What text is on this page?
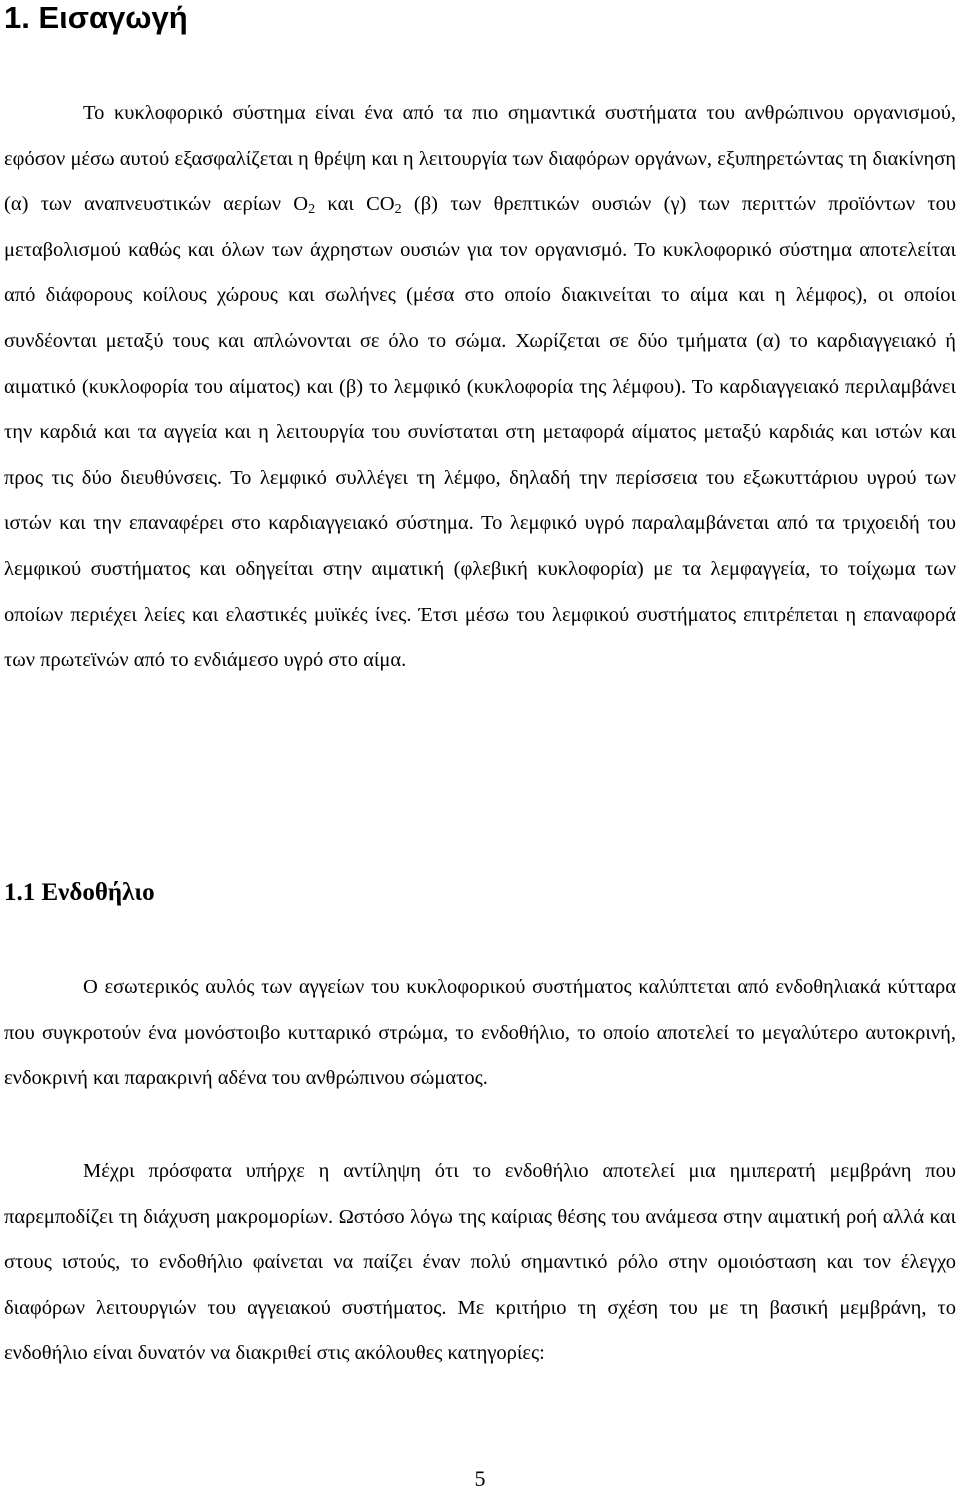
1. Εισαγωγή

Το κυκλοφορικό σύστημα είναι ένα από τα πιο σημαντικά συστήματα του ανθρώπινου οργανισμού, εφόσον μέσω αυτού εξασφαλίζεται η θρέψη και η λειτουργία των διαφόρων οργάνων, εξυπηρετώντας τη διακίνηση (α) των αναπνευστικών αερίων $O_2$ και $CO_2$ (β) των θρεπτικών ουσιών (γ) των περιττών προϊόντων του μεταβολισμού καθώς και όλων των άχρηστων ουσιών για τον οργανισμό. Το κυκλοφορικό σύστημα αποτελείται από διάφορους κοίλους χώρους και σωλήνες (μέσα στο οποίο διακινείται το αίμα και η λέμφος), οι οποίοι συνδέονται μεταξύ τους και απλώνονται σε όλο το σώμα. Χωρίζεται σε δύο τμήματα (α) το καρδιαγγειακό ή αιματικό (κυκλοφορία του αίματος) και (β) το λεμφικό (κυκλοφορία της λέμφου). Το καρδιαγγειακό περιλαμβάνει την καρδιά και τα αγγεία και η λειτουργία του συνίσταται στη μεταφορά αίματος μεταξύ καρδιάς και ιστών και προς τις δύο διευθύνσεις. Το λεμφικό συλλέγει τη λέμφο, δηλαδή την περίσσεια του εξωκυττάριου υγρού των ιστών και την επαναφέρει στο καρδιαγγειακό σύστημα. Το λεμφικό υγρό παραλαμβάνεται από τα τριχοειδή του λεμφικού συστήματος και οδηγείται στην αιματική (φλεβική κυκλοφορία) με τα λεμφαγγεία, το τοίχωμα των οποίων περιέχει λείες και ελαστικές μυϊκές ίνες. Έτσι μέσω του λεμφικού συστήματος επιτρέπεται η επαναφορά των πρωτεϊνών από το ενδιάμεσο υγρό στο αίμα.

1.1 Ενδοθήλιο

Ο εσωτερικός αυλός των αγγείων του κυκλοφορικού συστήματος καλύπτεται από ενδοθηλιακά κύτταρα που συγκροτούν ένα μονόστοιβο κυτταρικό στρώμα, το ενδοθήλιο, το οποίο αποτελεί το μεγαλύτερο αυτοκρινή, ενδοκρινή και παρακρινή αδένα του ανθρώπινου σώματος.

Μέχρι πρόσφατα υπήρχε η αντίληψη ότι το ενδοθήλιο αποτελεί μια ημιπερατή μεμβράνη που παρεμποδίζει τη διάχυση μακρομορίων. Ωστόσο λόγω της καίριας θέσης του ανάμεσα στην αιματική ροή αλλά και στους ιστούς, το ενδοθήλιο φαίνεται να παίζει έναν πολύ σημαντικό ρόλο στην ομοιόσταση και τον έλεγχο διαφόρων λειτουργιών του αγγειακού συστήματος. Με κριτήριο τη σχέση του με τη βασική μεμβράνη, το ενδοθήλιο είναι δυνατόν να διακριθεί στις ακόλουθες κατηγορίες:

5
